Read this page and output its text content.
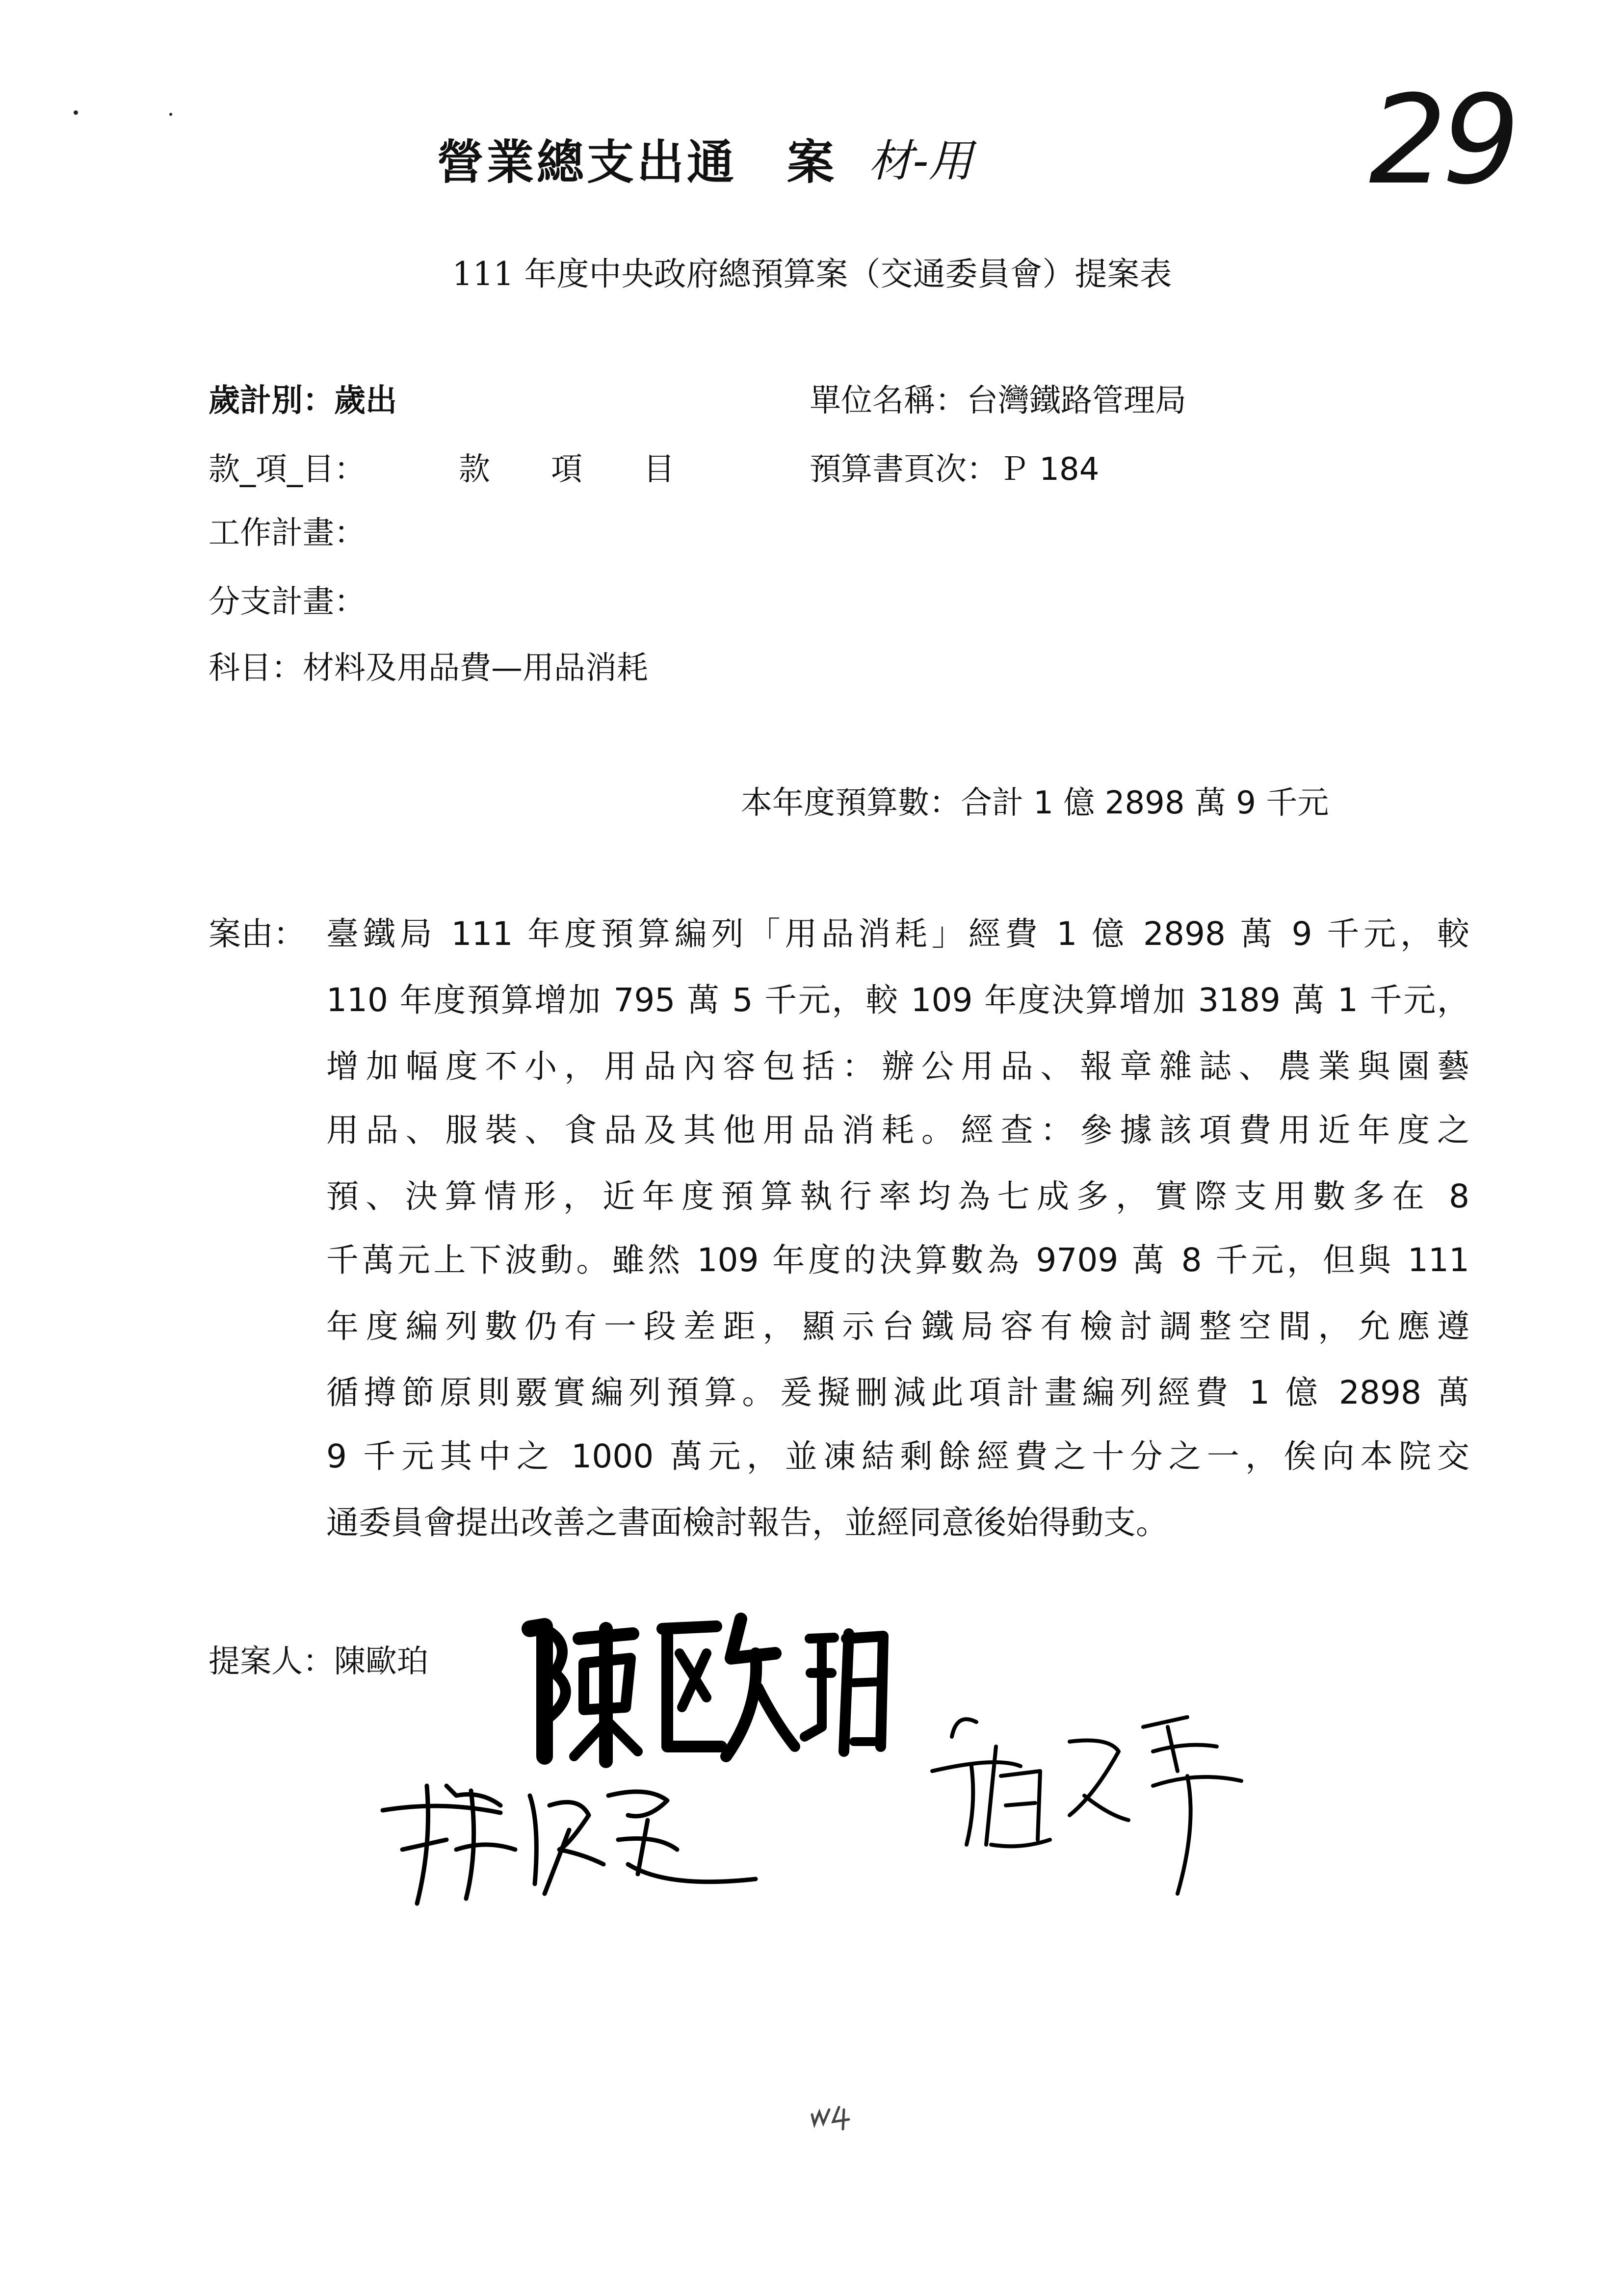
營業總支出通　案 材-用	29
111 年度中央政府總預算案（交通委員會）提案表
歲計別：歲出	單位名稱：台灣鐵路管理局
款_項_目：	款　項　目	預算書頁次：Ｐ 184
工作計畫：
分支計畫：
科目：材料及用品費—用品消耗
本年度預算數：合計 1 億 2898 萬 9 千元
案由： 臺鐵局 111 年度預算編列「用品消耗」經費 1 億 2898 萬 9 千元，較
110 年度預算增加 795 萬 5 千元，較 109 年度決算增加 3189 萬 1 千元，
增加幅度不小，用品內容包括：辦公用品、報章雜誌、農業與園藝
用品、服裝、食品及其他用品消耗。經查：參據該項費用近年度之
預、決算情形，近年度預算執行率均為七成多，實際支用數多在 8
千萬元上下波動。雖然 109 年度的決算數為 9709 萬 8 千元，但與 111
年度編列數仍有一段差距，顯示台鐵局容有檢討調整空間，允應遵
循撙節原則覈實編列預算。爰擬刪減此項計畫編列經費 1 億 2898 萬
9 千元其中之 1000 萬元，並凍結剩餘經費之十分之一，俟向本院交
通委員會提出改善之書面檢討報告，並經同意後始得動支。
提案人：陳歐珀
